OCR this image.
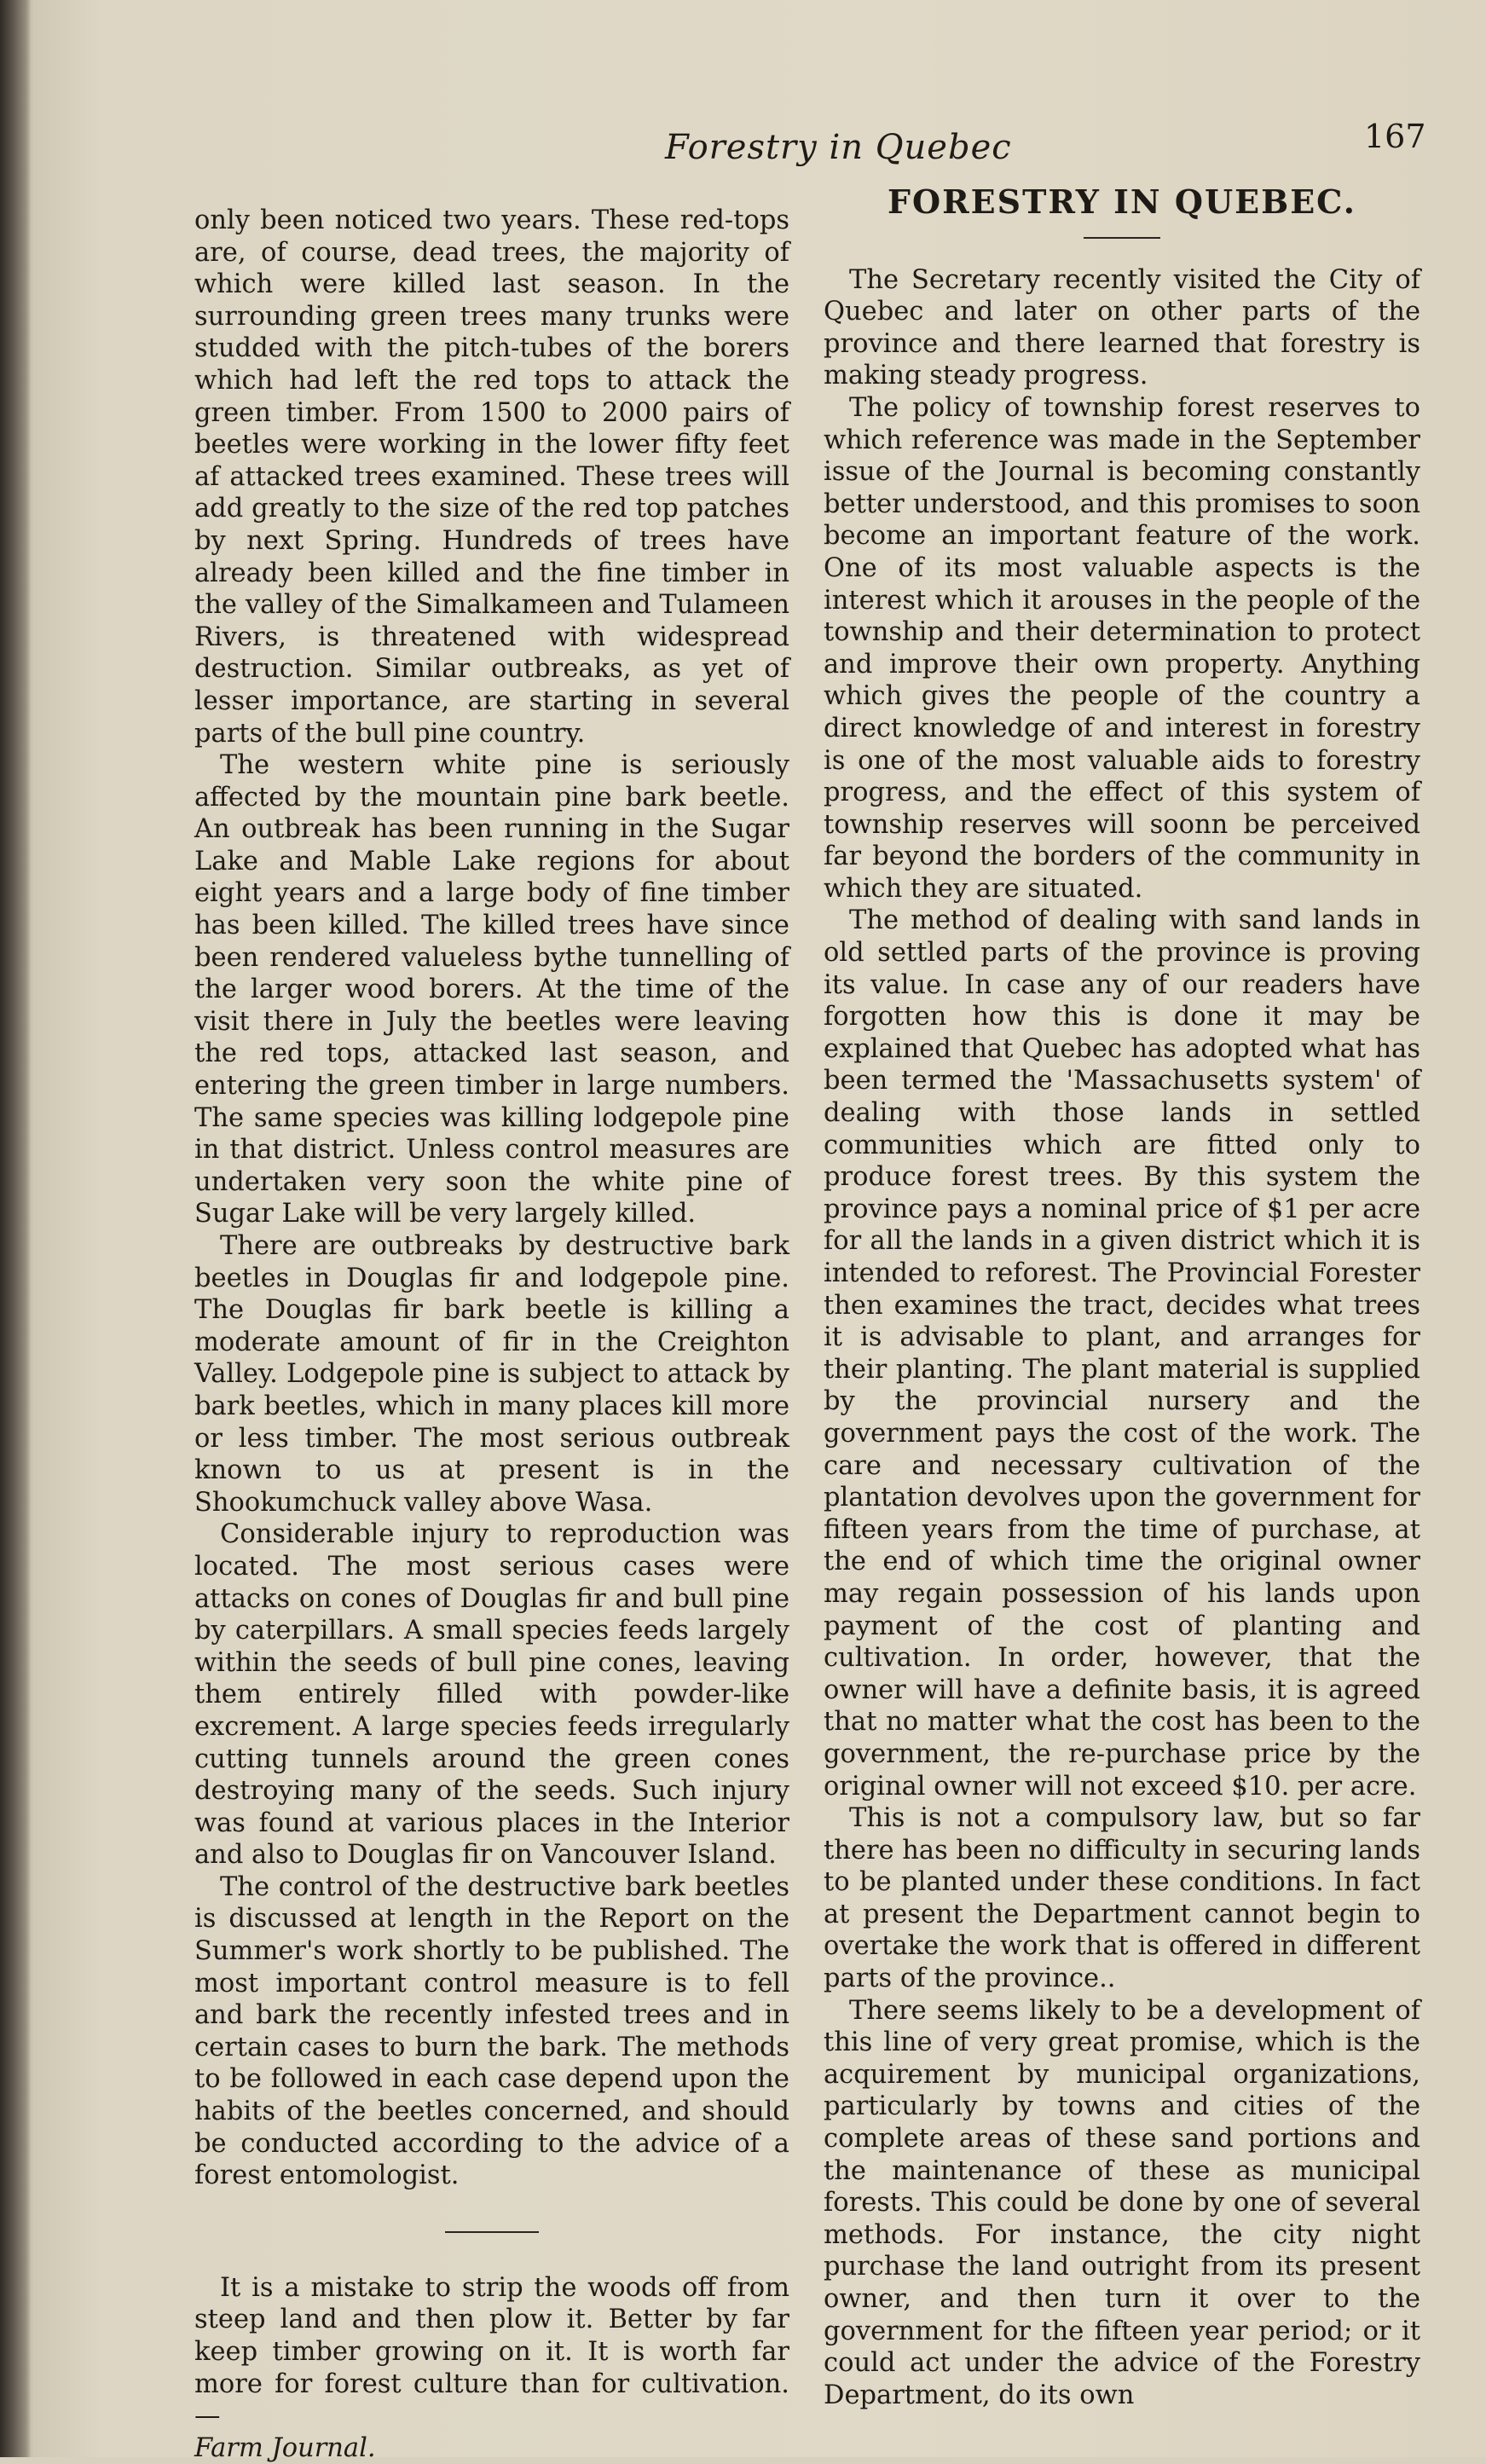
Forestry in Quebec	167

only been noticed two years. These red-tops are, of course, dead trees, the majority of which were killed last season. In the surrounding green trees many trunks were studded with the pitch-tubes of the borers which had left the red tops to attack the green timber. From 1500 to 2000 pairs of beetles were working in the lower fifty feet af attacked trees examined. These trees will add greatly to the size of the red top patches by next Spring. Hundreds of trees have already been killed and the fine timber in the valley of the Simalkameen and Tulameen Rivers, is threatened with widespread destruction. Similar outbreaks, as yet of lesser importance, are starting in several parts of the bull pine country.

The western white pine is seriously affected by the mountain pine bark beetle. An outbreak has been running in the Sugar Lake and Mable Lake regions for about eight years and a large body of fine timber has been killed. The killed trees have since been rendered valueless bythe tunnelling of the larger wood borers. At the time of the visit there in July the beetles were leaving the red tops, attacked last season, and entering the green timber in large numbers. The same species was killing lodgepole pine in that district. Unless control measures are undertaken very soon the white pine of Sugar Lake will be very largely killed.

There are outbreaks by destructive bark beetles in Douglas fir and lodgepole pine. The Douglas fir bark beetle is killing a moderate amount of fir in the Creighton Valley. Lodgepole pine is subject to attack by bark beetles, which in many places kill more or less timber. The most serious outbreak known to us at present is in the Shookumchuck valley above Wasa.

Considerable injury to reproduction was located. The most serious cases were attacks on cones of Douglas fir and bull pine by caterpillars. A small species feeds largely within the seeds of bull pine cones, leaving them entirely filled with powder-like excrement. A large species feeds irregularly cutting tunnels around the green cones destroying many of the seeds. Such injury was found at various places in the Interior and also to Douglas fir on Vancouver Island.

The control of the destructive bark beetles is discussed at length in the Report on the Summer's work shortly to be published. The most important control measure is to fell and bark the recently infested trees and in certain cases to burn the bark. The methods to be followed in each case depend upon the habits of the beetles concerned, and should be conducted according to the advice of a forest entomologist.

It is a mistake to strip the woods off from steep land and then plow it. Better by far keep timber growing on it. It is worth far more for forest culture than for cultivation.—
Farm Journal.

FORESTRY IN QUEBEC.

The Secretary recently visited the City of Quebec and later on other parts of the province and there learned that forestry is making steady progress.

The policy of township forest reserves to which reference was made in the September issue of the Journal is becoming constantly better understood, and this promises to soon become an important feature of the work. One of its most valuable aspects is the interest which it arouses in the people of the township and their determination to protect and improve their own property. Anything which gives the people of the country a direct knowledge of and interest in forestry is one of the most valuable aids to forestry progress, and the effect of this system of township reserves will soonn be perceived far beyond the borders of the community in which they are situated.

The method of dealing with sand lands in old settled parts of the province is proving its value. In case any of our readers have forgotten how this is done it may be explained that Quebec has adopted what has been termed the 'Massachusetts system' of dealing with those lands in settled communities which are fitted only to produce forest trees. By this system the province pays a nominal price of $1 per acre for all the lands in a given district which it is intended to reforest. The Provincial Forester then examines the tract, decides what trees it is advisable to plant, and arranges for their planting. The plant material is supplied by the provincial nursery and the government pays the cost of the work. The care and necessary cultivation of the plantation devolves upon the government for fifteen years from the time of purchase, at the end of which time the original owner may regain possession of his lands upon payment of the cost of planting and cultivation. In order, however, that the owner will have a definite basis, it is agreed that no matter what the cost has been to the government, the re-purchase price by the original owner will not exceed $10. per acre.

This is not a compulsory law, but so far there has been no difficulty in securing lands to be planted under these conditions. In fact at present the Department cannot begin to overtake the work that is offered in different parts of the province..

There seems likely to be a development of this line of very great promise, which is the acquirement by municipal organizations, particularly by towns and cities of the complete areas of these sand portions and the maintenance of these as municipal forests. This could be done by one of several methods. For instance, the city night purchase the land outright from its present owner, and then turn it over to the government for the fifteen year period; or it could act under the advice of the Forestry Department, do its own
